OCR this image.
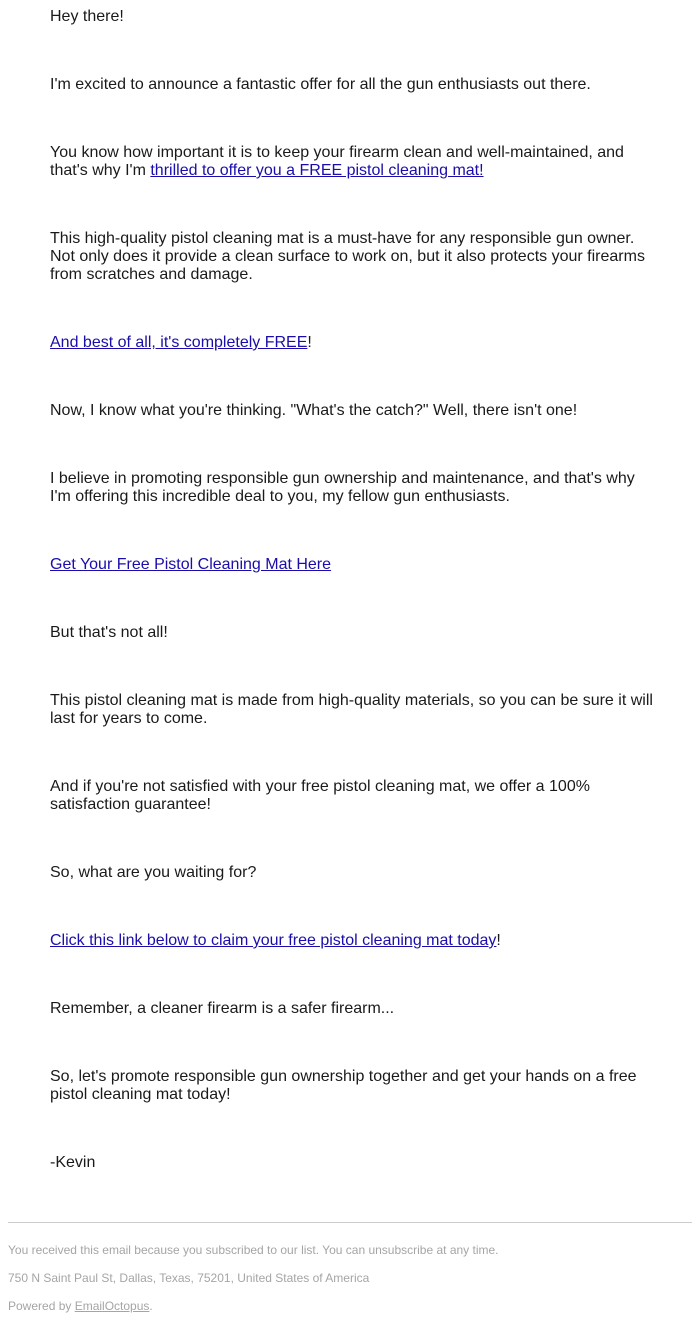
Hey there!

I'm excited to announce a fantastic offer for all the gun enthusiasts out there.

You know how important it is to keep your firearm clean and well-maintained, and that's why I'm thrilled to offer you a FREE pistol cleaning mat!

This high-quality pistol cleaning mat is a must-have for any responsible gun owner. Not only does it provide a clean surface to work on, but it also protects your firearms from scratches and damage.

And best of all, it's completely FREE!

Now, I know what you're thinking. "What's the catch?" Well, there isn't one!

I believe in promoting responsible gun ownership and maintenance, and that's why I'm offering this incredible deal to you, my fellow gun enthusiasts.

Get Your Free Pistol Cleaning Mat Here

But that's not all!

This pistol cleaning mat is made from high-quality materials, so you can be sure it will last for years to come.

And if you're not satisfied with your free pistol cleaning mat, we offer a 100% satisfaction guarantee!

So, what are you waiting for?

Click this link below to claim your free pistol cleaning mat today!

Remember, a cleaner firearm is a safer firearm...

So, let's promote responsible gun ownership together and get your hands on a free pistol cleaning mat today!

-Kevin

You received this email because you subscribed to our list. You can unsubscribe at any time.

750 N Saint Paul St, Dallas, Texas, 75201, United States of America

Powered by EmailOctopus.
